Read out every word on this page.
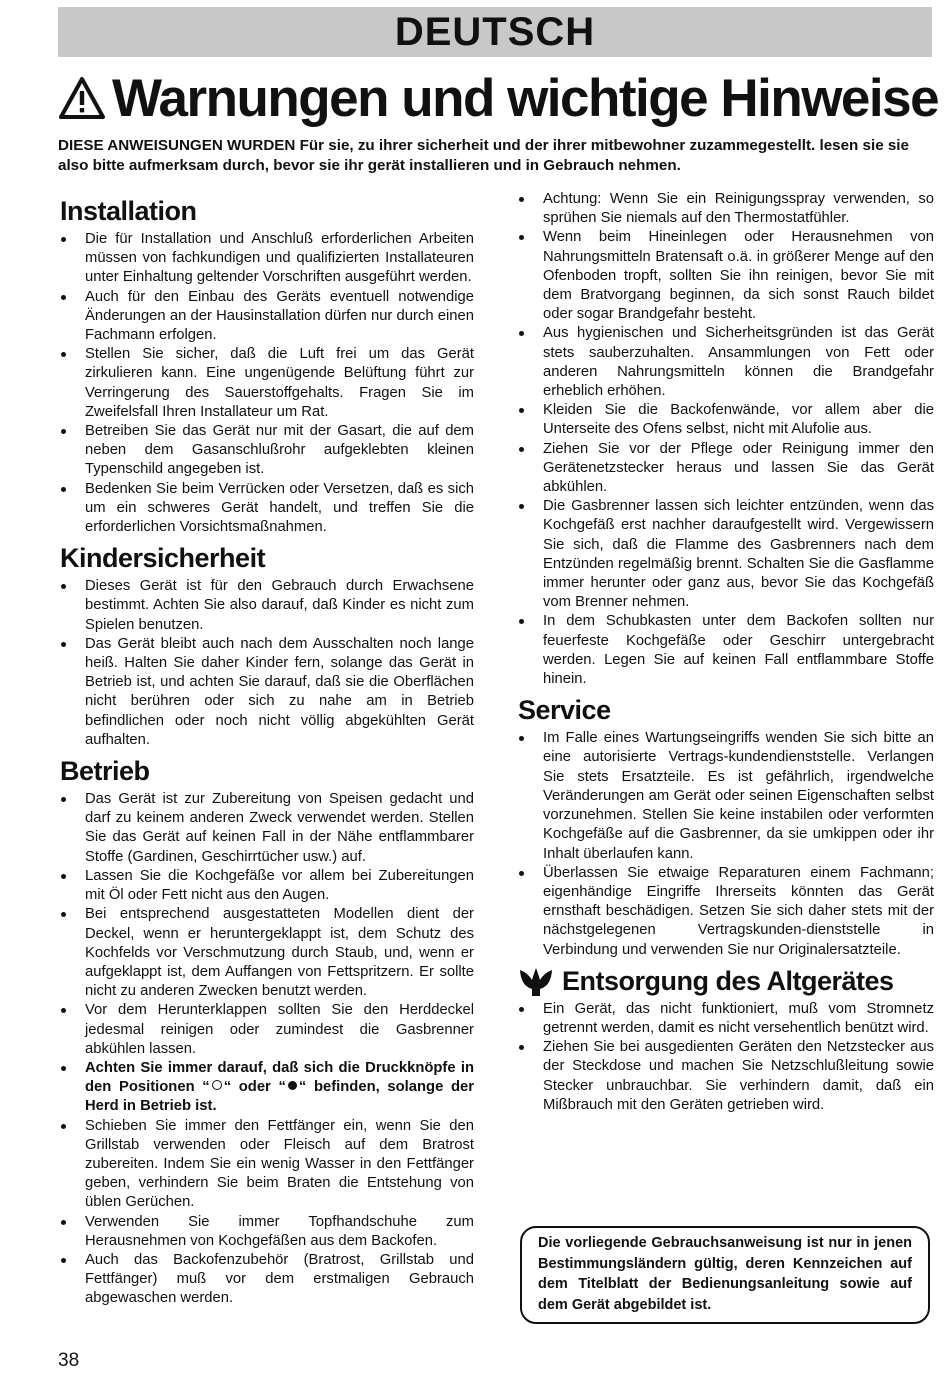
DEUTSCH
Warnungen und wichtige Hinweise
DIESE ANWEISUNGEN WURDEN Für sie, zu ihrer sicherheit und der ihrer mitbewohner zuzammegestellt. lesen sie sie also bitte aufmerksam durch, bevor sie ihr gerät installieren und in Gebrauch nehmen.
Installation
Die für Installation und Anschluß erforderlichen Arbeiten müssen von fachkundigen und qualifizierten Installateuren unter Einhaltung geltender Vorschriften ausgeführt werden.
Auch für den Einbau des Geräts eventuell notwendige Änderungen an der Hausinstallation dürfen nur durch einen Fachmann erfolgen.
Stellen Sie sicher, daß die Luft frei um das Gerät zirkulieren kann. Eine ungenügende Belüftung führt zur Verringerung des Sauerstoffgehalts. Fragen Sie im Zweifelsfall Ihren Installateur um Rat.
Betreiben Sie das Gerät nur mit der Gasart, die auf dem neben dem Gasanschlußrohr aufgeklebten kleinen Typenschild angegeben ist.
Bedenken Sie beim Verrücken oder Versetzen, daß es sich um ein schweres Gerät handelt, und treffen Sie die erforderlichen Vorsichtsmaßnahmen.
Kindersicherheit
Dieses Gerät ist für den Gebrauch durch Erwachsene bestimmt. Achten Sie also darauf, daß Kinder es nicht zum Spielen benutzen.
Das Gerät bleibt auch nach dem Ausschalten noch lange heiß. Halten Sie daher Kinder fern, solange das Gerät in Betrieb ist, und achten Sie darauf, daß sie die Oberflächen nicht berühren oder sich zu nahe am in Betrieb befindlichen oder noch nicht völlig abgekühlten Gerät aufhalten.
Betrieb
Das Gerät ist zur Zubereitung von Speisen gedacht und darf zu keinem anderen Zweck verwendet werden. Stellen Sie das Gerät auf keinen Fall in der Nähe entflammbarer Stoffe (Gardinen, Geschirrtücher usw.) auf.
Lassen Sie die Kochgefäße vor allem bei Zubereitungen mit Öl oder Fett nicht aus den Augen.
Bei entsprechend ausgestatteten Modellen dient der Deckel, wenn er heruntergeklappt ist, dem Schutz des Kochfelds vor Verschmutzung durch Staub, und, wenn er aufgeklappt ist, dem Auffangen von Fettspritzern. Er sollte nicht zu anderen Zwecken benutzt werden.
Vor dem Herunterklappen sollten Sie den Herddeckel jedesmal reinigen oder zumindest die Gasbrenner abkühlen lassen.
Achten Sie immer darauf, daß sich die Druckknöpfe in den Positionen “ “ oder “ “ befinden, solange der Herd in Betrieb ist.
Schieben Sie immer den Fettfänger ein, wenn Sie den Grillstab verwenden oder Fleisch auf dem Bratrost zubereiten. Indem Sie ein wenig Wasser in den Fettfänger geben, verhindern Sie beim Braten die Entstehung von üblen Gerüchen.
Verwenden Sie immer Topfhandschuhe zum Herausnehmen von Kochgefäßen aus dem Backofen.
Auch das Backofenzubehör (Bratrost, Grillstab und Fettfänger) muß vor dem erstmaligen Gebrauch abgewaschen werden.
Achtung: Wenn Sie ein Reinigungsspray verwenden, so sprühen Sie niemals auf den Thermostatfühler.
Wenn beim Hineinlegen oder Herausnehmen von Nahrungsmitteln Bratensaft o.ä. in größerer Menge auf den Ofenboden tropft, sollten Sie ihn reinigen, bevor Sie mit dem Bratvorgang beginnen, da sich sonst Rauch bildet oder sogar Brandgefahr besteht.
Aus hygienischen und Sicherheitsgründen ist das Gerät stets sauberzuhalten. Ansammlungen von Fett oder anderen Nahrungsmitteln können die Brandgefahr erheblich erhöhen.
Kleiden Sie die Backofenwände, vor allem aber die Unterseite des Ofens selbst, nicht mit Alufolie aus.
Ziehen Sie vor der Pflege oder Reinigung immer den Gerätenetzstecker heraus und lassen Sie das Gerät abkühlen.
Die Gasbrenner lassen sich leichter entzünden, wenn das Kochgefäß erst nachher daraufgestellt wird. Vergewissern Sie sich, daß die Flamme des Gasbrenners nach dem Entzünden regelmäßig brennt. Schalten Sie die Gasflamme immer herunter oder ganz aus, bevor Sie das Kochgefäß vom Brenner nehmen.
In dem Schubkasten unter dem Backofen sollten nur feuerfeste Kochgefäße oder Geschirr untergebracht werden. Legen Sie auf keinen Fall entflammbare Stoffe hinein.
Service
Im Falle eines Wartungseingriffs wenden Sie sich bitte an eine autorisierte Vertrags-kundendienststelle. Verlangen Sie stets Ersatzteile. Es ist gefährlich, irgendwelche Veränderungen am Gerät oder seinen Eigenschaften selbst vorzunehmen. Stellen Sie keine instabilen oder verformten Kochgefäße auf die Gasbrenner, da sie umkippen oder ihr Inhalt überlaufen kann.
Überlassen Sie etwaige Reparaturen einem Fachmann; eigenhändige Eingriffe Ihrerseits könnten das Gerät ernsthaft beschädigen. Setzen Sie sich daher stets mit der nächstgelegenen Vertragskunden-dienststelle in Verbindung und verwenden Sie nur Originalersatzteile.
Entsorgung des Altgerätes
Ein Gerät, das nicht funktioniert, muß vom Stromnetz getrennt werden, damit es nicht versehentlich benützt wird.
Ziehen Sie bei ausgedienten Geräten den Netzstecker aus der Steckdose und machen Sie Netzschlußleitung sowie Stecker unbrauchbar. Sie verhindern damit, daß ein Mißbrauch mit den Geräten getrieben wird.
Die vorliegende Gebrauchsanweisung ist nur in jenen Bestimmungsländern gültig, deren Kennzeichen auf dem Titelblatt der Bedienungsanleitung sowie auf dem Gerät abgebildet ist.
38
